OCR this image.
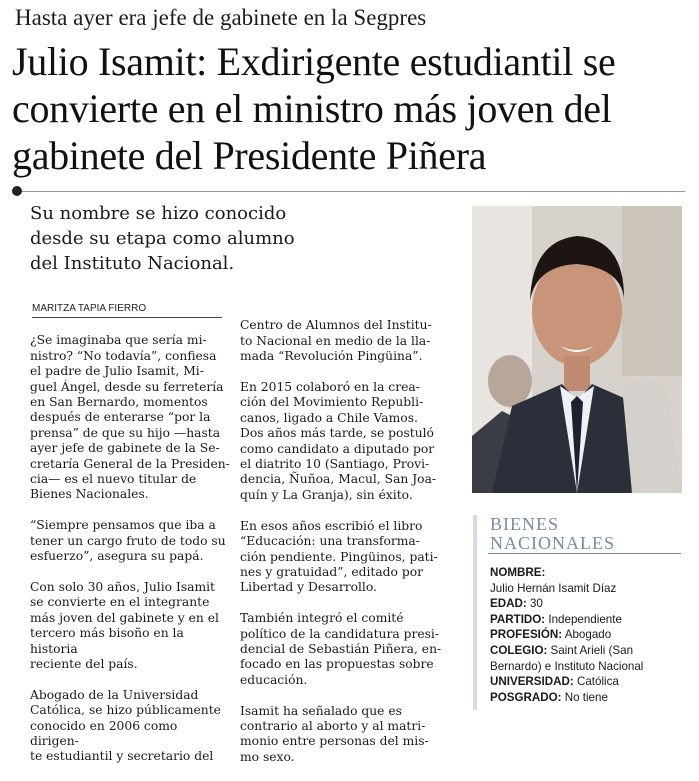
Hasta ayer era jefe de gabinete en la Segpres
Julio Isamit: Exdirigente estudiantil se convierte en el ministro más joven del gabinete del Presidente Piñera
Su nombre se hizo conocido
desde su etapa como alumno
del Instituto Nacional.
MARITZA TAPIA FIERRO

¿Se imaginaba que sería mi-
nistro? “No todavía”, confiesa
el padre de Julio Isamit, Mi-
guel Ángel, desde su ferretería
en San Bernardo, momentos
después de enterarse “por la
prensa” de que su hijo —hasta
ayer jefe de gabinete de la Se-
cretaría General de la Presiden-
cia— es el nuevo titular de
Bienes Nacionales.

“Siempre pensamos que iba a
tener un cargo fruto de todo su
esfuerzo”, asegura su papá.

Con solo 30 años, Julio Isamit
se convierte en el integrante
más joven del gabinete y en el
tercero más bisoño en la historia
reciente del país.

Abogado de la Universidad
Católica, se hizo públicamente
conocido en 2006 como dirigen-
te estudiantil y secretario del

Centro de Alumnos del Institu-
to Nacional en medio de la lla-
mada “Revolución Pingüina”.

En 2015 colaboró en la crea-
ción del Movimiento Republi-
canos, ligado a Chile Vamos.
Dos años más tarde, se postuló
como candidato a diputado por
el diatrito 10 (Santiago, Provi-
dencia, Ñuñoa, Macul, San Joa-
quín y La Granja), sin éxito.

En esos años escribió el libro
“Educación: una transforma-
ción pendiente. Pingüinos, pati-
nes y gratuidad”, editado por
Libertad y Desarrollo.

También integró el comité
político de la candidatura presi-
dencial de Sebastián Piñera, en-
focado en las propuestas sobre
educación.

Isamit ha señalado que es
contrario al aborto y al matri-
monio entre personas del mis-
mo sexo.

BIENES
NACIONALES
NOMBRE:
Julio Hernán Isamit Díaz
EDAD: 30
PARTIDO: Independiente
PROFESIÓN: Abogado
COLEGIO: Saint Arieli (San
Bernardo) e Instituto Nacional
UNIVERSIDAD: Católica
POSGRADO: No tiene
